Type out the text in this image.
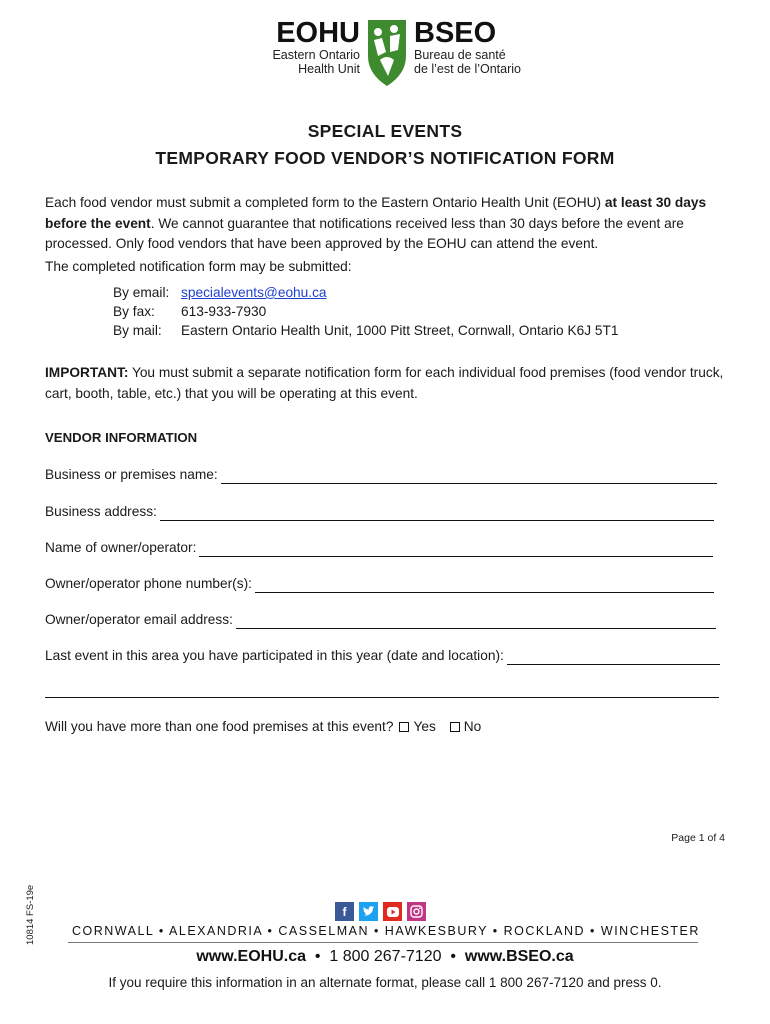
EOHU
Eastern Ontario
Health Unit
BSEO
Bureau de santé
de l’est de l’Ontario
SPECIAL EVENTS
TEMPORARY FOOD VENDOR’S NOTIFICATION FORM
Each food vendor must submit a completed form to the Eastern Ontario Health Unit (EOHU) at least 30 days before the event. We cannot guarantee that notifications received less than 30 days before the event are processed. Only food vendors that have been approved by the EOHU can attend the event.
The completed notification form may be submitted:
By email: specialevents@eohu.ca
By fax: 613-933-7930
By mail: Eastern Ontario Health Unit, 1000 Pitt Street, Cornwall, Ontario K6J 5T1
IMPORTANT: You must submit a separate notification form for each individual food premises (food vendor truck, cart, booth, table, etc.) that you will be operating at this event.
VENDOR INFORMATION
Business or premises name:
Business address:
Name of owner/operator:
Owner/operator phone number(s):
Owner/operator email address:
Last event in this area you have participated in this year (date and location):
Will you have more than one food premises at this event? Yes No
Page 1 of 4
10814 FS-19e	f
CORNWALL • ALEXANDRIA • CASSELMAN • HAWKESBURY • ROCKLAND • WINCHESTER
www.EOHU.ca  •  1 800 267-7120  •  www.BSEO.ca
If you require this information in an alternate format, please call 1 800 267-7120 and press 0.
